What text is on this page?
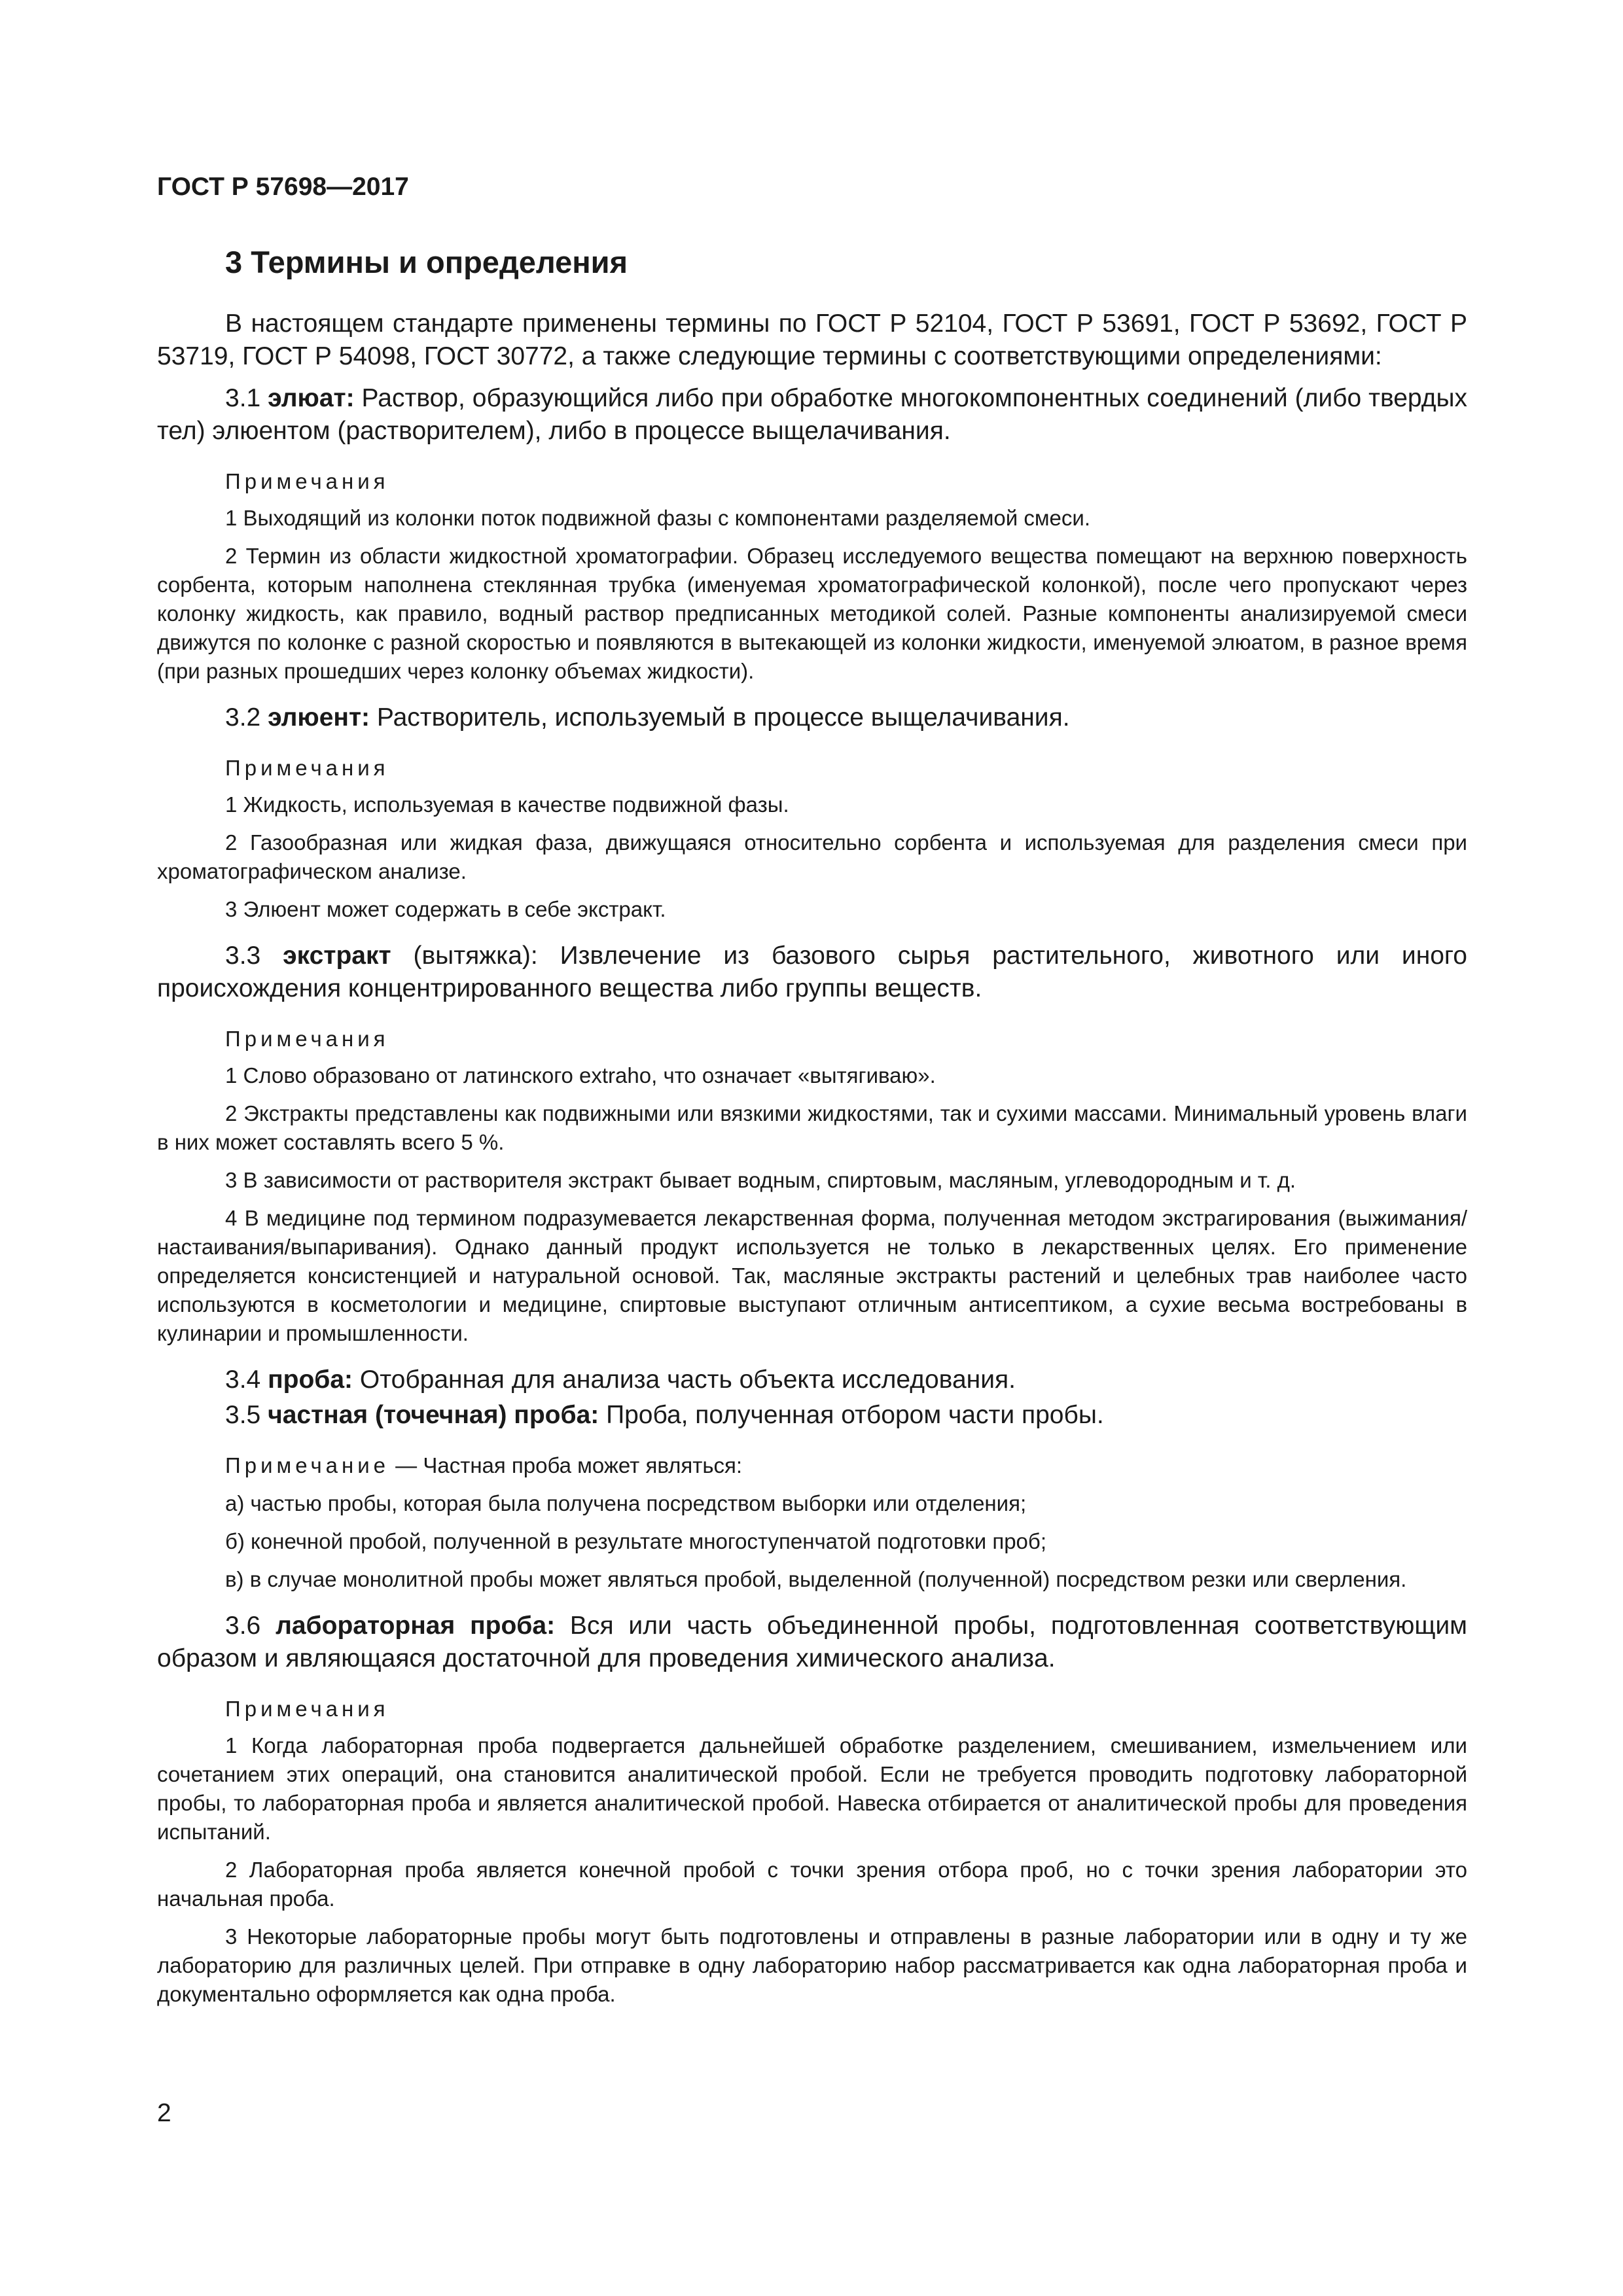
ГОСТ Р 57698—2017
3 Термины и определения

В настоящем стандарте применены термины по ГОСТ Р 52104, ГОСТ Р 53691, ГОСТ Р 53692, ГОСТ Р 53719, ГОСТ Р 54098, ГОСТ 30772, а также следующие термины с соответствующими определениями:

3.1 элюат: Раствор, образующийся либо при обработке многокомпонентных соединений (либо твердых тел) элюентом (растворителем), либо в процессе выщелачивания.

Примечания

1 Выходящий из колонки поток подвижной фазы с компонентами разделяемой смеси.

2 Термин из области жидкостной хроматографии. Образец исследуемого вещества помещают на верхнюю поверхность сорбента, которым наполнена стеклянная трубка (именуемая хроматографической колонкой), после чего пропускают через колонку жидкость, как правило, водный раствор предписанных методикой солей. Разные компоненты анализируемой смеси движутся по колонке с разной скоростью и появляются в вытекающей из колонки жидкости, именуемой элюатом, в разное время (при разных прошедших через колонку объемах жидкости).

3.2 элюент: Растворитель, используемый в процессе выщелачивания.

Примечания

1 Жидкость, используемая в качестве подвижной фазы.

2 Газообразная или жидкая фаза, движущаяся относительно сорбента и используемая для разделения смеси при хроматографическом анализе.

3 Элюент может содержать в себе экстракт.

3.3 экстракт (вытяжка): Извлечение из базового сырья растительного, животного или иного происхождения концентрированного вещества либо группы веществ.

Примечания

1 Слово образовано от латинского extraho, что означает «вытягиваю».

2 Экстракты представлены как подвижными или вязкими жидкостями, так и сухими массами. Минимальный уровень влаги в них может составлять всего 5 %.

3 В зависимости от растворителя экстракт бывает водным, спиртовым, масляным, углеводородным и т. д.

4 В медицине под термином подразумевается лекарственная форма, полученная методом экстрагирования (выжимания/настаивания/выпаривания). Однако данный продукт используется не только в лекарственных целях. Его применение определяется консистенцией и натуральной основой. Так, масляные экстракты растений и целебных трав наиболее часто используются в косметологии и медицине, спиртовые выступают отличным антисептиком, а сухие весьма востребованы в кулинарии и промышленности.

3.4 проба: Отобранная для анализа часть объекта исследования.

3.5 частная (точечная) проба: Проба, полученная отбором части пробы.

Примечание — Частная проба может являться:

а) частью пробы, которая была получена посредством выборки или отделения;

б) конечной пробой, полученной в результате многоступенчатой подготовки проб;

в) в случае монолитной пробы может являться пробой, выделенной (полученной) посредством резки или сверления.

3.6 лабораторная проба: Вся или часть объединенной пробы, подготовленная соответствующим образом и являющаяся достаточной для проведения химического анализа.

Примечания

1 Когда лабораторная проба подвергается дальнейшей обработке разделением, смешиванием, измельчением или сочетанием этих операций, она становится аналитической пробой. Если не требуется проводить подготовку лабораторной пробы, то лабораторная проба и является аналитической пробой. Навеска отбирается от аналитической пробы для проведения испытаний.

2 Лабораторная проба является конечной пробой с точки зрения отбора проб, но с точки зрения лаборатории это начальная проба.

3 Некоторые лабораторные пробы могут быть подготовлены и отправлены в разные лаборатории или в одну и ту же лабораторию для различных целей. При отправке в одну лабораторию набор рассматривается как одна лабораторная проба и документально оформляется как одна проба.

2
